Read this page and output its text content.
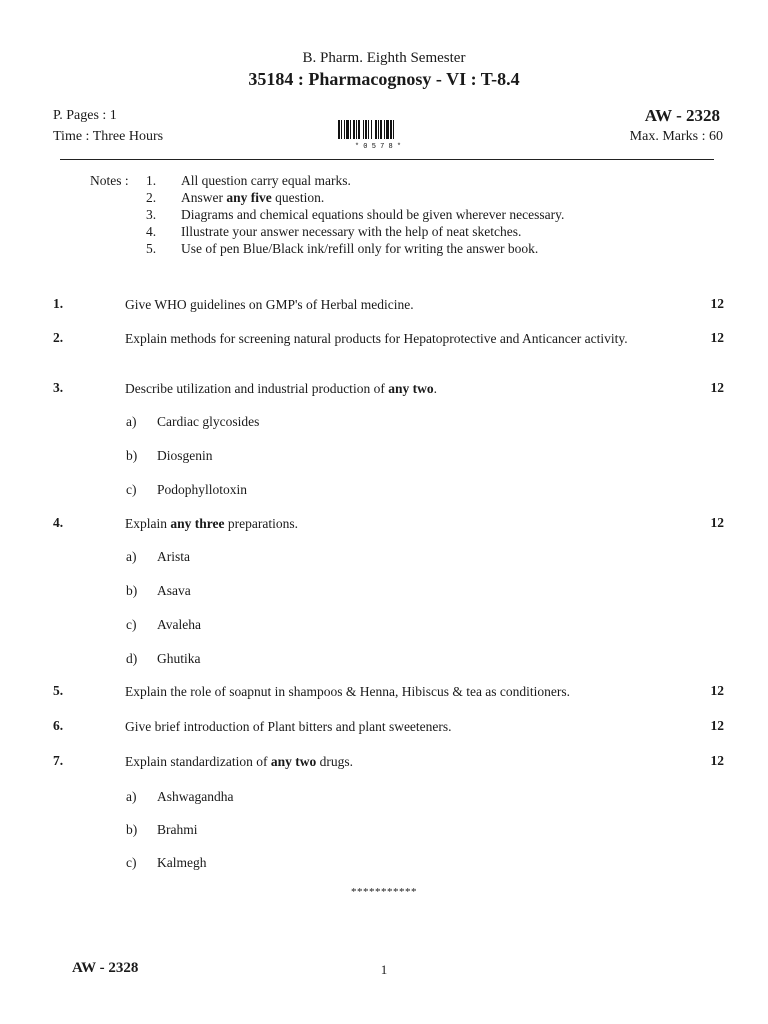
B. Pharm. Eighth Semester
35184 : Pharmacognosy - VI : T-8.4
P. Pages : 1
Time : Three Hours
AW - 2328
Max. Marks : 60
* 0 5 7 8 *
Notes : 1. All question carry equal marks.
2. Answer any five question.
3. Diagrams and chemical equations should be given wherever necessary.
4. Illustrate your answer necessary with the help of neat sketches.
5. Use of pen Blue/Black ink/refill only for writing the answer book.
1.	Give WHO guidelines on GMP's of Herbal medicine.	12
2.	Explain methods for screening natural products for Hepatoprotective and Anticancer activity.	12
3.	Describe utilization and industrial production of any two.	12
a) Cardiac glycosides
b) Diosgenin
c) Podophyllotoxin
4.	Explain any three preparations.	12
a) Arista
b) Asava
c) Avaleha
d) Ghutika
5.	Explain the role of soapnut in shampoos & Henna, Hibiscus & tea as conditioners.	12
6.	Give brief introduction of Plant bitters and plant sweeteners.	12
7.	Explain standardization of any two drugs.	12
a) Ashwagandha
b) Brahmi
c) Kalmegh
***********
AW - 2328	1
